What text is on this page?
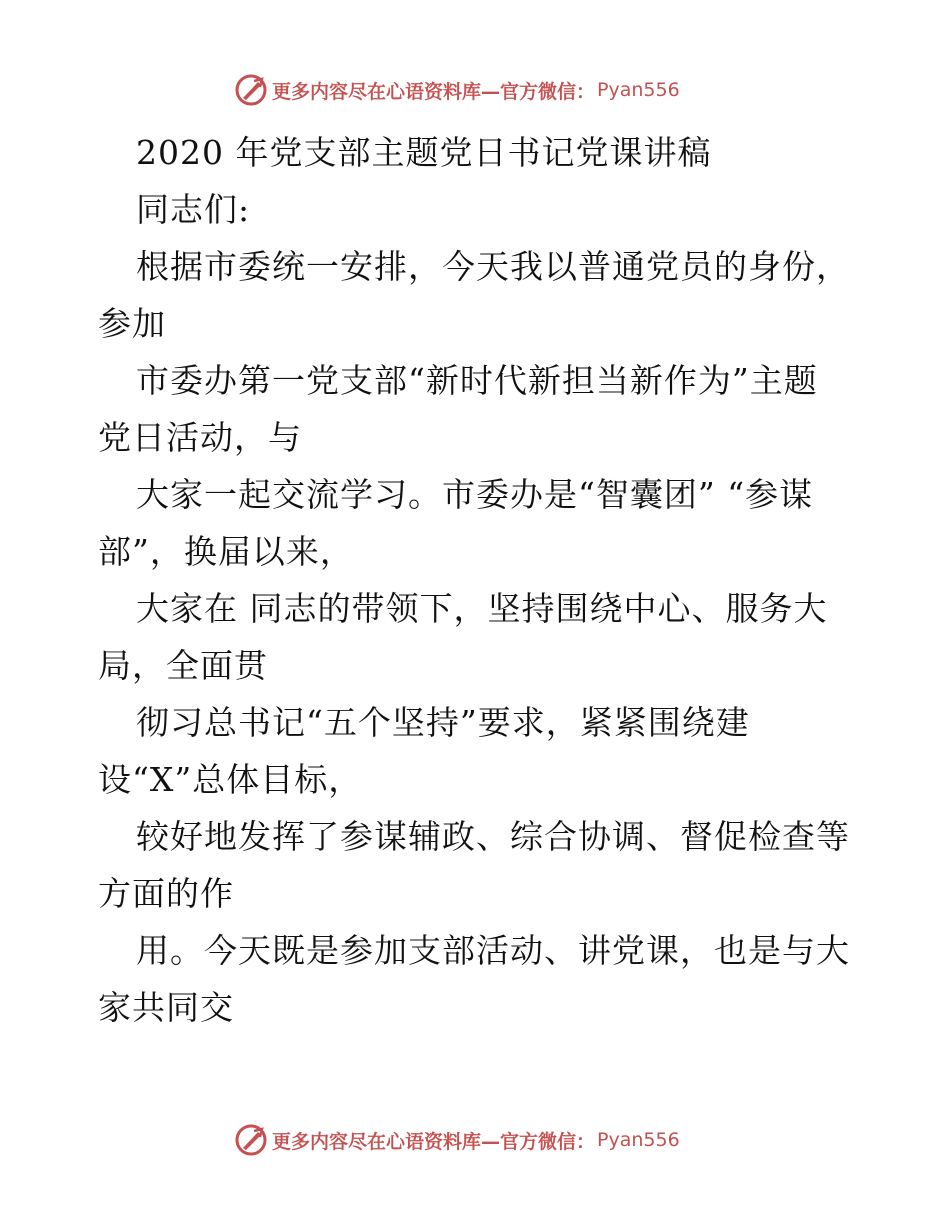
更多内容尽在心语资料库—官方微信： Pyan556
2020 年党支部主题党日书记党课讲稿
同志们:
根据市委统一安排，今天我以普通党员的身份，
参加
市委办第一党支部“新时代新担当新作为”主题
党日活动，与
大家一起交流学习。市委办是“智囊团” “参谋
部”，换届以来，
大家在 同志的带领下，坚持围绕中心、服务大
局，全面贯
彻习总书记“五个坚持”要求，紧紧围绕建
设“X”总体目标，
较好地发挥了参谋辅政、综合协调、督促检查等
方面的作
用。今天既是参加支部活动、讲党课，也是与大
家共同交
更多内容尽在心语资料库—官方微信： Pyan556
